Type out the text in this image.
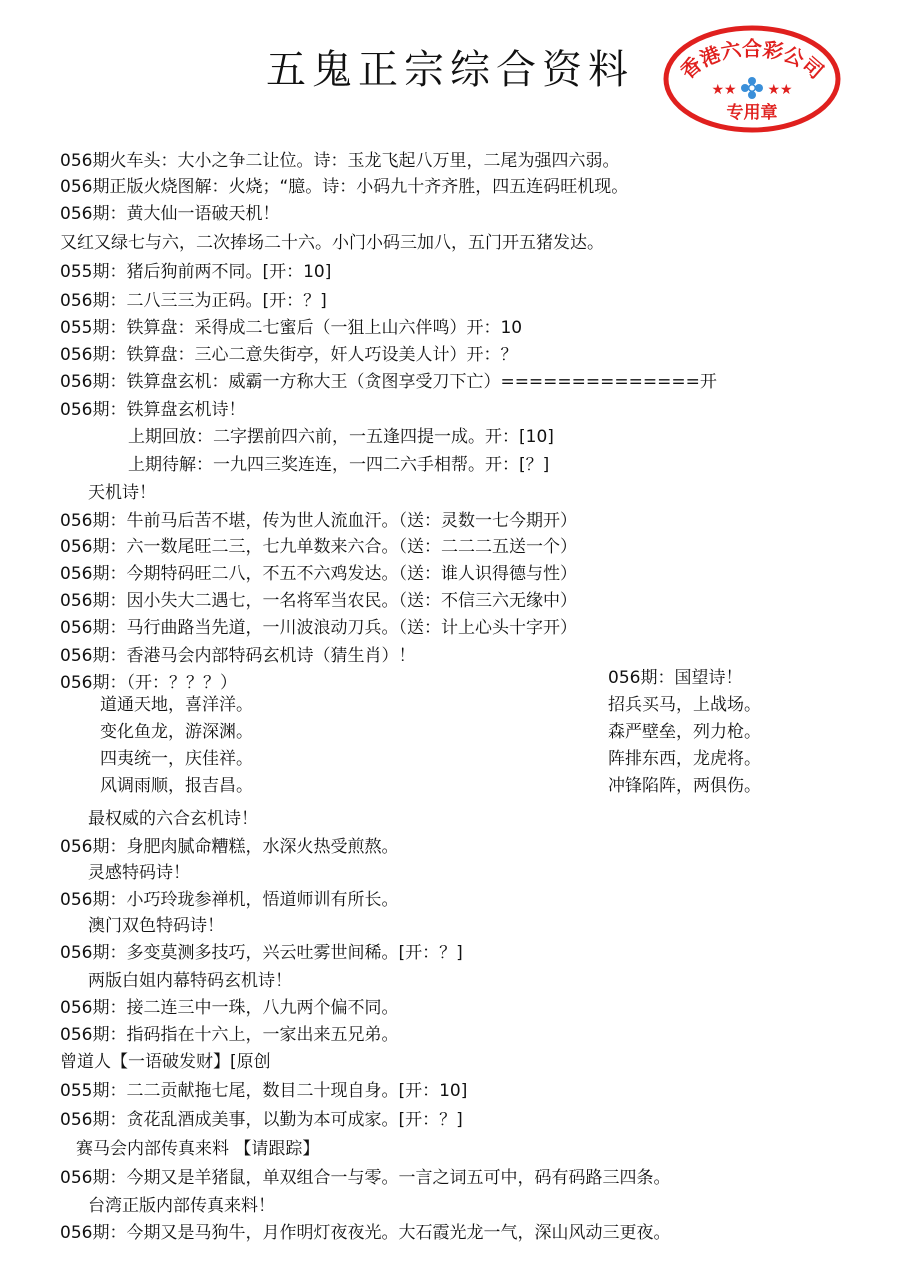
五鬼正宗综合资料	香港六合彩公司
★★ ★★
专用章
056期火车头：大小之争二让位。诗：玉龙飞起八万里，二尾为强四六弱。
056期正版火烧图解：火烧；“臆。诗：小码九十齐齐胜，四五连码旺机现。
056期：黄大仙一语破天机！
又红又绿七与六，二次捧场二十六。小门小码三加八，五门开五猪发达。
055期：猪后狗前两不同。[开：10]
056期：二八三三为正码。[开：？]
055期：铁算盘：采得成二七蜜后（一狙上山六伴鸣）开：10
056期：铁算盘：三心二意失街亭，奸人巧设美人计）开：？
056期：铁算盘玄机：威霸一方称大王（贪图享受刀下亡）==============开
056期：铁算盘玄机诗！
上期回放：二字摆前四六前，一五逢四提一成。开：[10]
上期待解：一九四三奖连连，一四二六手相帮。开：[？]
天机诗！
056期：牛前马后苦不堪，传为世人流血汗。（送：灵数一七今期开）
056期：六一数尾旺二三，七九单数来六合。（送：二二二五送一个）
056期：今期特码旺二八，不五不六鸡发达。（送：谁人识得德与性）
056期：因小失大二遇七，一名将军当农民。（送：不信三六无缘中）
056期：马行曲路当先道，一川波浪动刀兵。（送：计上心头十字开）
056期：香港马会内部特码玄机诗（猜生肖）！
056期：（开：？？？）
道通天地，喜洋洋。
变化鱼龙，游深渊。
四夷统一，庆佳祥。
风调雨顺，报吉昌。
056期：国望诗！
招兵买马，上战场。
森严壁垒，列力枪。
阵排东西，龙虎将。
冲锋陷阵，两俱伤。
最权威的六合玄机诗！
056期：身肥肉腻命糟糕，水深火热受煎熬。
灵感特码诗！
056期：小巧玲珑参禅机，悟道师训有所长。
澳门双色特码诗！
056期：多变莫测多技巧，兴云吐雾世间稀。[开：？]
两版白姐内幕特码玄机诗！
056期：接二连三中一珠，八九两个偏不同。
056期：指码指在十六上，一家出来五兄弟。
曾道人【一语破发财】[原创
055期：二二贡献拖七尾，数目二十现自身。[开：10]
056期：贪花乱酒成美事，以勤为本可成家。[开：？]
赛马会内部传真来料 【请跟踪】
056期：今期又是羊猪鼠，单双组合一与零。一言之词五可中，码有码路三四条。
台湾正版内部传真来料！
056期：今期又是马狗牛，月作明灯夜夜光。大石霞光龙一气，深山风动三更夜。
